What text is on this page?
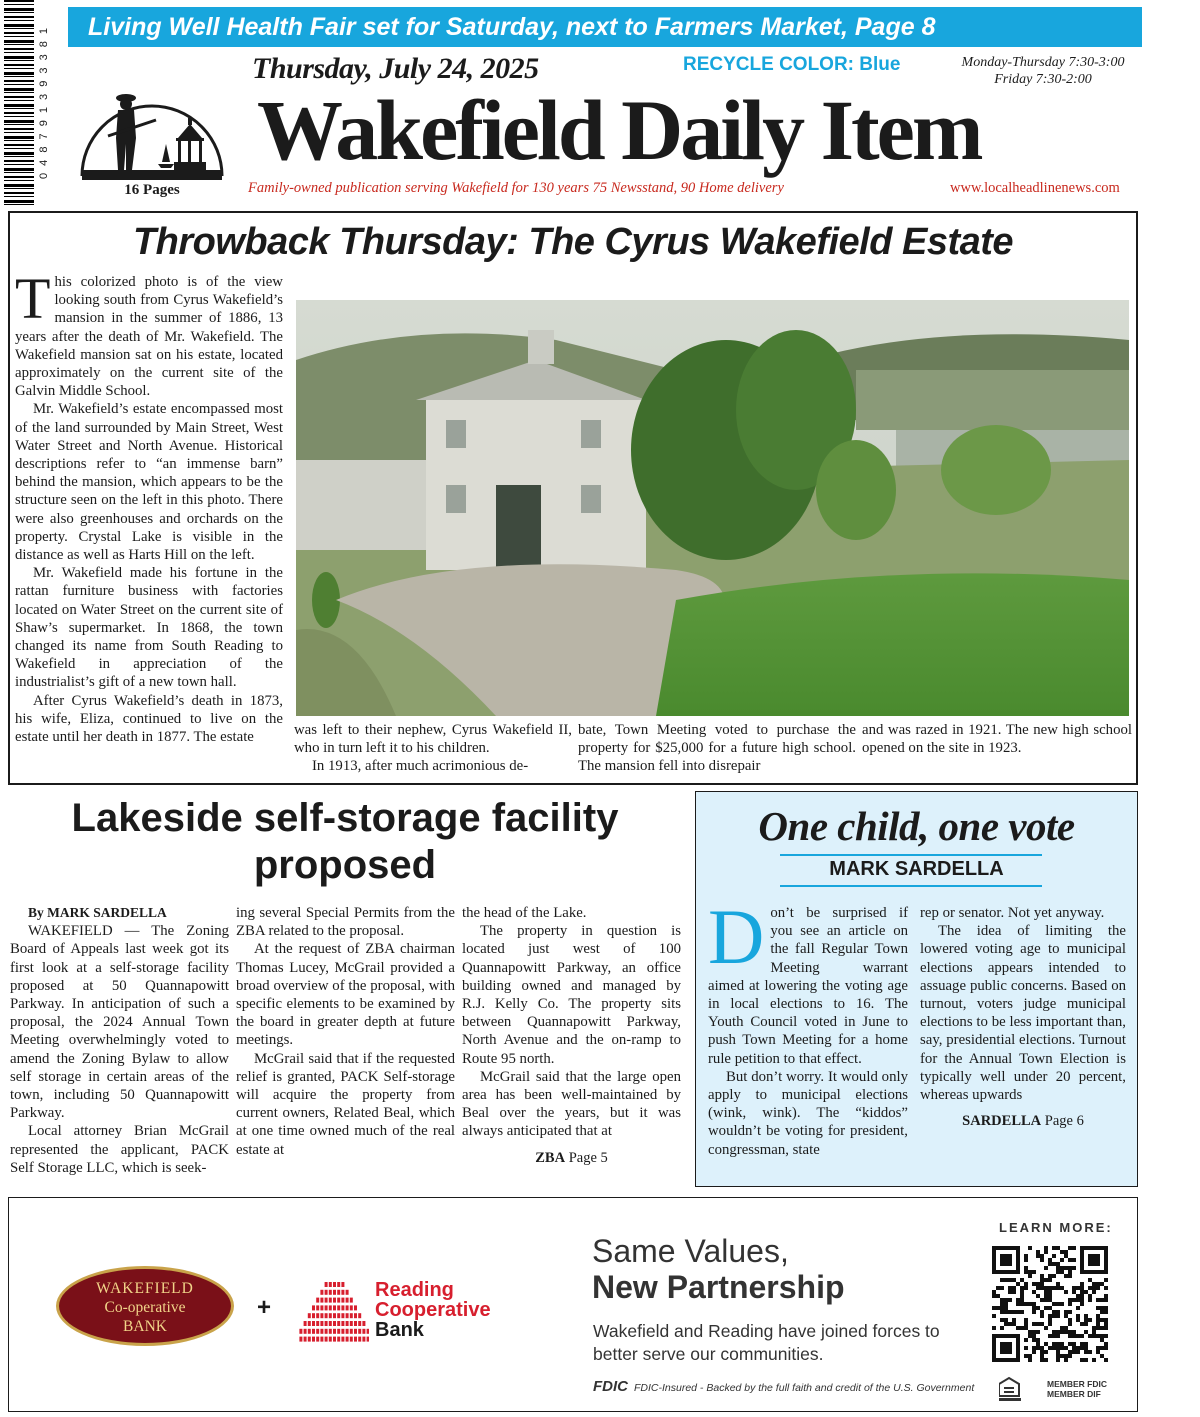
Living Well Health Fair set for Saturday, next to Farmers Market, Page 8
0 4 8 7 9 1 3 9 3 3 8 1
16 Pages
Thursday, July 24, 2025	RECYCLE COLOR: Blue	Monday-Thursday 7:30-3:00
Friday 7:30-2:00
Wakefield Daily Item
Family-owned publication serving Wakefield for 130 years 75 Newsstand, 90 Home delivery	www.localheadlinenews.com
Throwback Thursday: The Cyrus Wakefield Estate

This colorized photo is of the view looking south from Cyrus Wakefield’s mansion in the summer of 1886, 13 years after the death of Mr. Wakefield. The Wakefield mansion sat on his estate, located approximately on the current site of the Galvin Middle School.

Mr. Wakefield’s estate encompassed most of the land surrounded by Main Street, West Water Street and North Avenue. Historical descriptions refer to “an immense barn” behind the mansion, which appears to be the structure seen on the left in this photo. There were also greenhouses and orchards on the property. Crystal Lake is visible in the distance as well as Harts Hill on the left.

Mr. Wakefield made his fortune in the rattan furniture business with factories located on Water Street on the current site of Shaw’s supermarket. In 1868, the town changed its name from South Reading to Wakefield in appreciation of the industrialist’s gift of a new town hall.

After Cyrus Wakefield’s death in 1873, his wife, Eliza, continued to live on the estate until her death in 1877. The estate	was left to their nephew, Cyrus Wakefield II, who in turn left it to his children.

In 1913, after much acrimonious de-

bate, Town Meeting voted to purchase the property for $25,000 for a future high school. The mansion fell into disrepair

and was razed in 1921. The new high school opened on the site in 1923.

Lakeside self-storage facility proposed

By MARK SARDELLA

WAKEFIELD — The Zoning Board of Appeals last week got its first look at a self-storage facility proposed at 50 Quannapowitt Parkway. In anticipation of such a proposal, the 2024 Annual Town Meeting overwhelmingly voted to amend the Zoning Bylaw to allow self storage in certain areas of the town, including 50 Quannapowitt Parkway.

Local attorney Brian McGrail represented the applicant, PACK Self Storage LLC, which is seek-

ing several Special Permits from the ZBA related to the proposal.

At the request of ZBA chairman Thomas Lucey, McGrail provided a broad overview of the proposal, with specific elements to be examined by the board in greater depth at future meetings.

McGrail said that if the requested relief is granted, PACK Self-storage will acquire the property from current owners, Related Beal, which at one time owned much of the real estate at

the head of the Lake.

The property in question is located just west of 100 Quannapowitt Parkway, an office building owned and managed by R.J. Kelly Co. The property sits between Quannapowitt Parkway, North Avenue and the on-ramp to Route 95 north.

McGrail said that the large open area has been well-maintained by Beal over the years, but it was always anticipated that at

ZBA Page 5
One child, one vote
MARK SARDELLA

Don’t be surprised if you see an article on the fall Regular Town Meeting warrant aimed at lowering the voting age in local elections to 16. The Youth Council voted in June to push Town Meeting for a home rule petition to that effect.

But don’t worry. It would only apply to municipal elections (wink, wink). The “kiddos” wouldn’t be voting for president, congressman, state

rep or senator. Not yet anyway.

The idea of limiting the lowered voting age to municipal elections appears intended to assuage public concerns. Based on turnout, voters judge municipal elections to be less important than, say, presidential elections. Turnout for the Annual Town Election is typically well under 20 percent, whereas upwards

SARDELLA Page 6
WAKEFIELD
Co-operative
BANK
+
Reading
Cooperative
Bank
Same Values,
New Partnership
Wakefield and Reading have joined forces to better serve our communities.
FDIC FDIC-Insured - Backed by the full faith and credit of the U.S. Government
LEARN MORE:
MEMBER FDIC
MEMBER DIF
